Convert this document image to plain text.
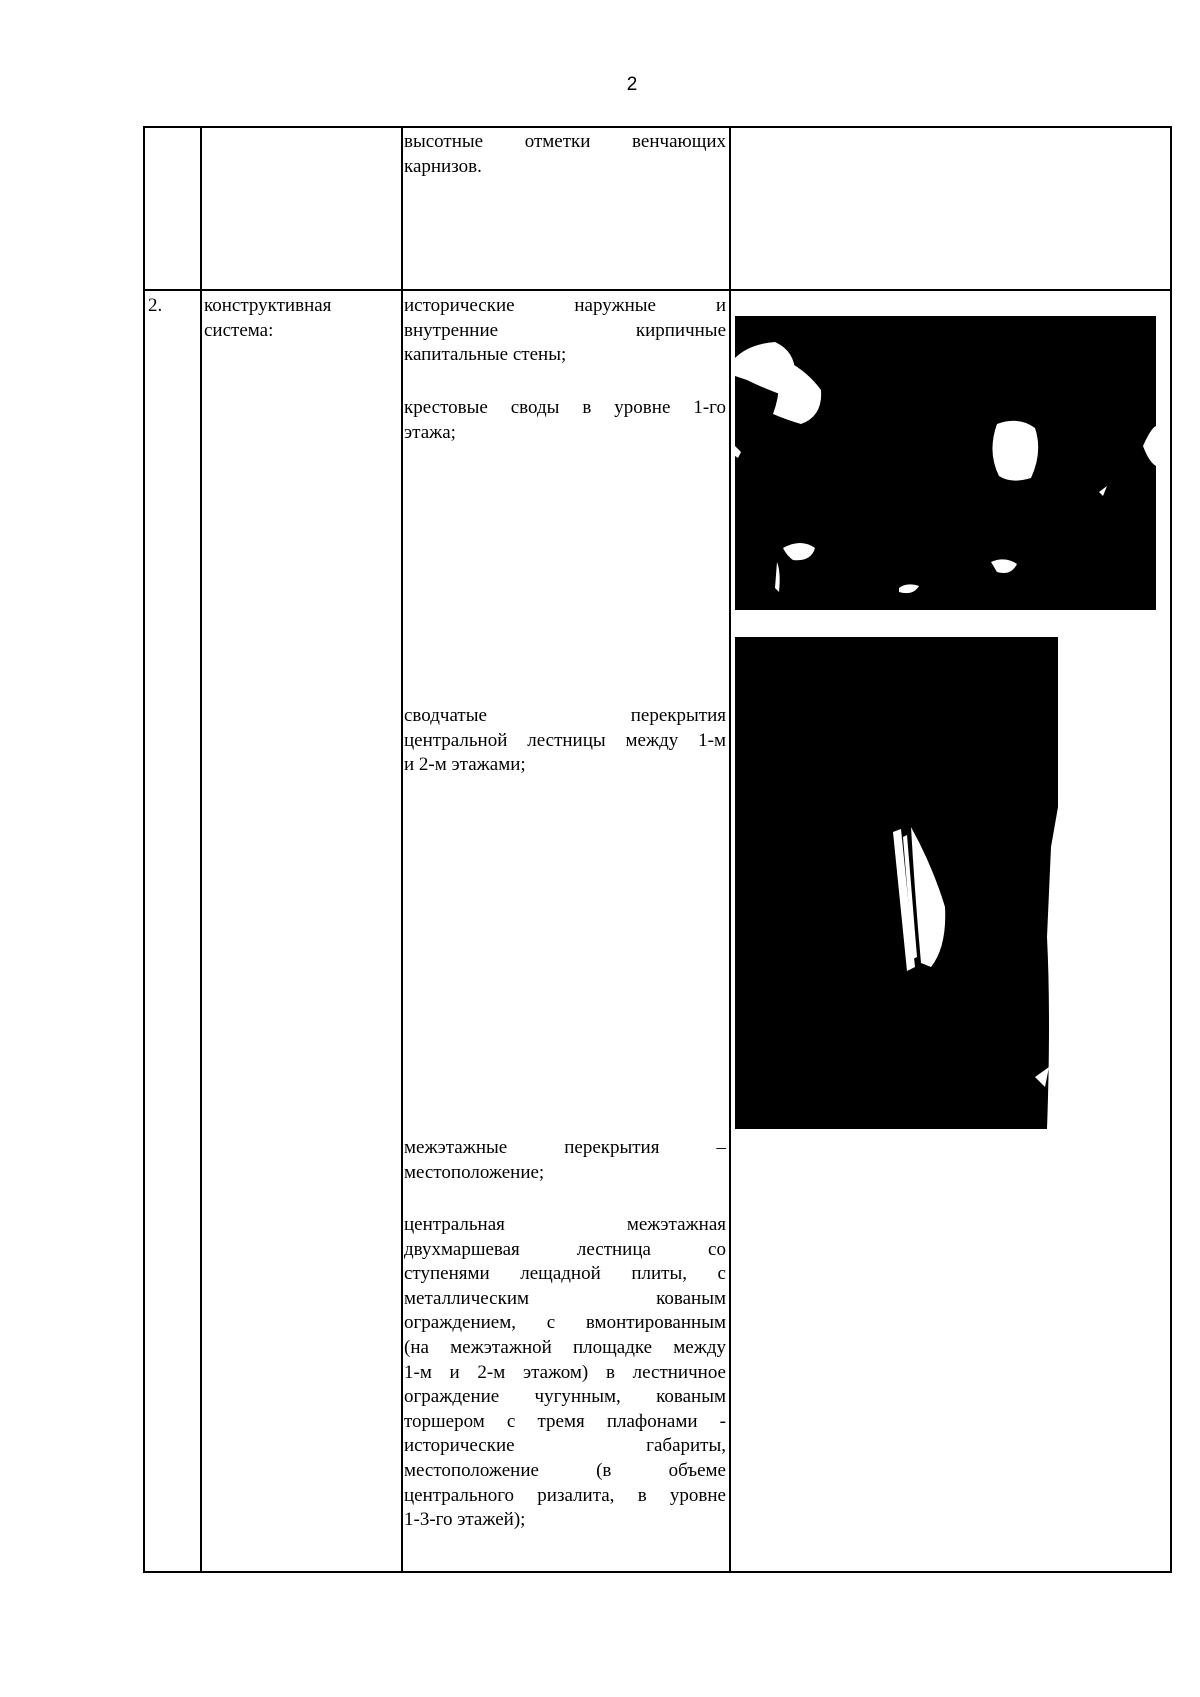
2
высотные отметки венчающих
карнизов.
2. конструктивная система:
исторические наружные и
внутренние кирпичные
капитальные стены;
крестовые своды в уровне 1-го
этажа;
сводчатые перекрытия
центральной лестницы между 1-м
и 2-м этажами;
межэтажные перекрытия –
местоположение;
центральная межэтажная
двухмаршевая лестница со
ступенями лещадной плиты, с
металлическим кованым
ограждением, с вмонтированным
(на межэтажной площадке между
1-м и 2-м этажом) в лестничное
ограждение чугунным, кованым
торшером с тремя плафонами -
исторические габариты,
местоположение (в объеме
центрального ризалита, в уровне
1-3-го этажей);
